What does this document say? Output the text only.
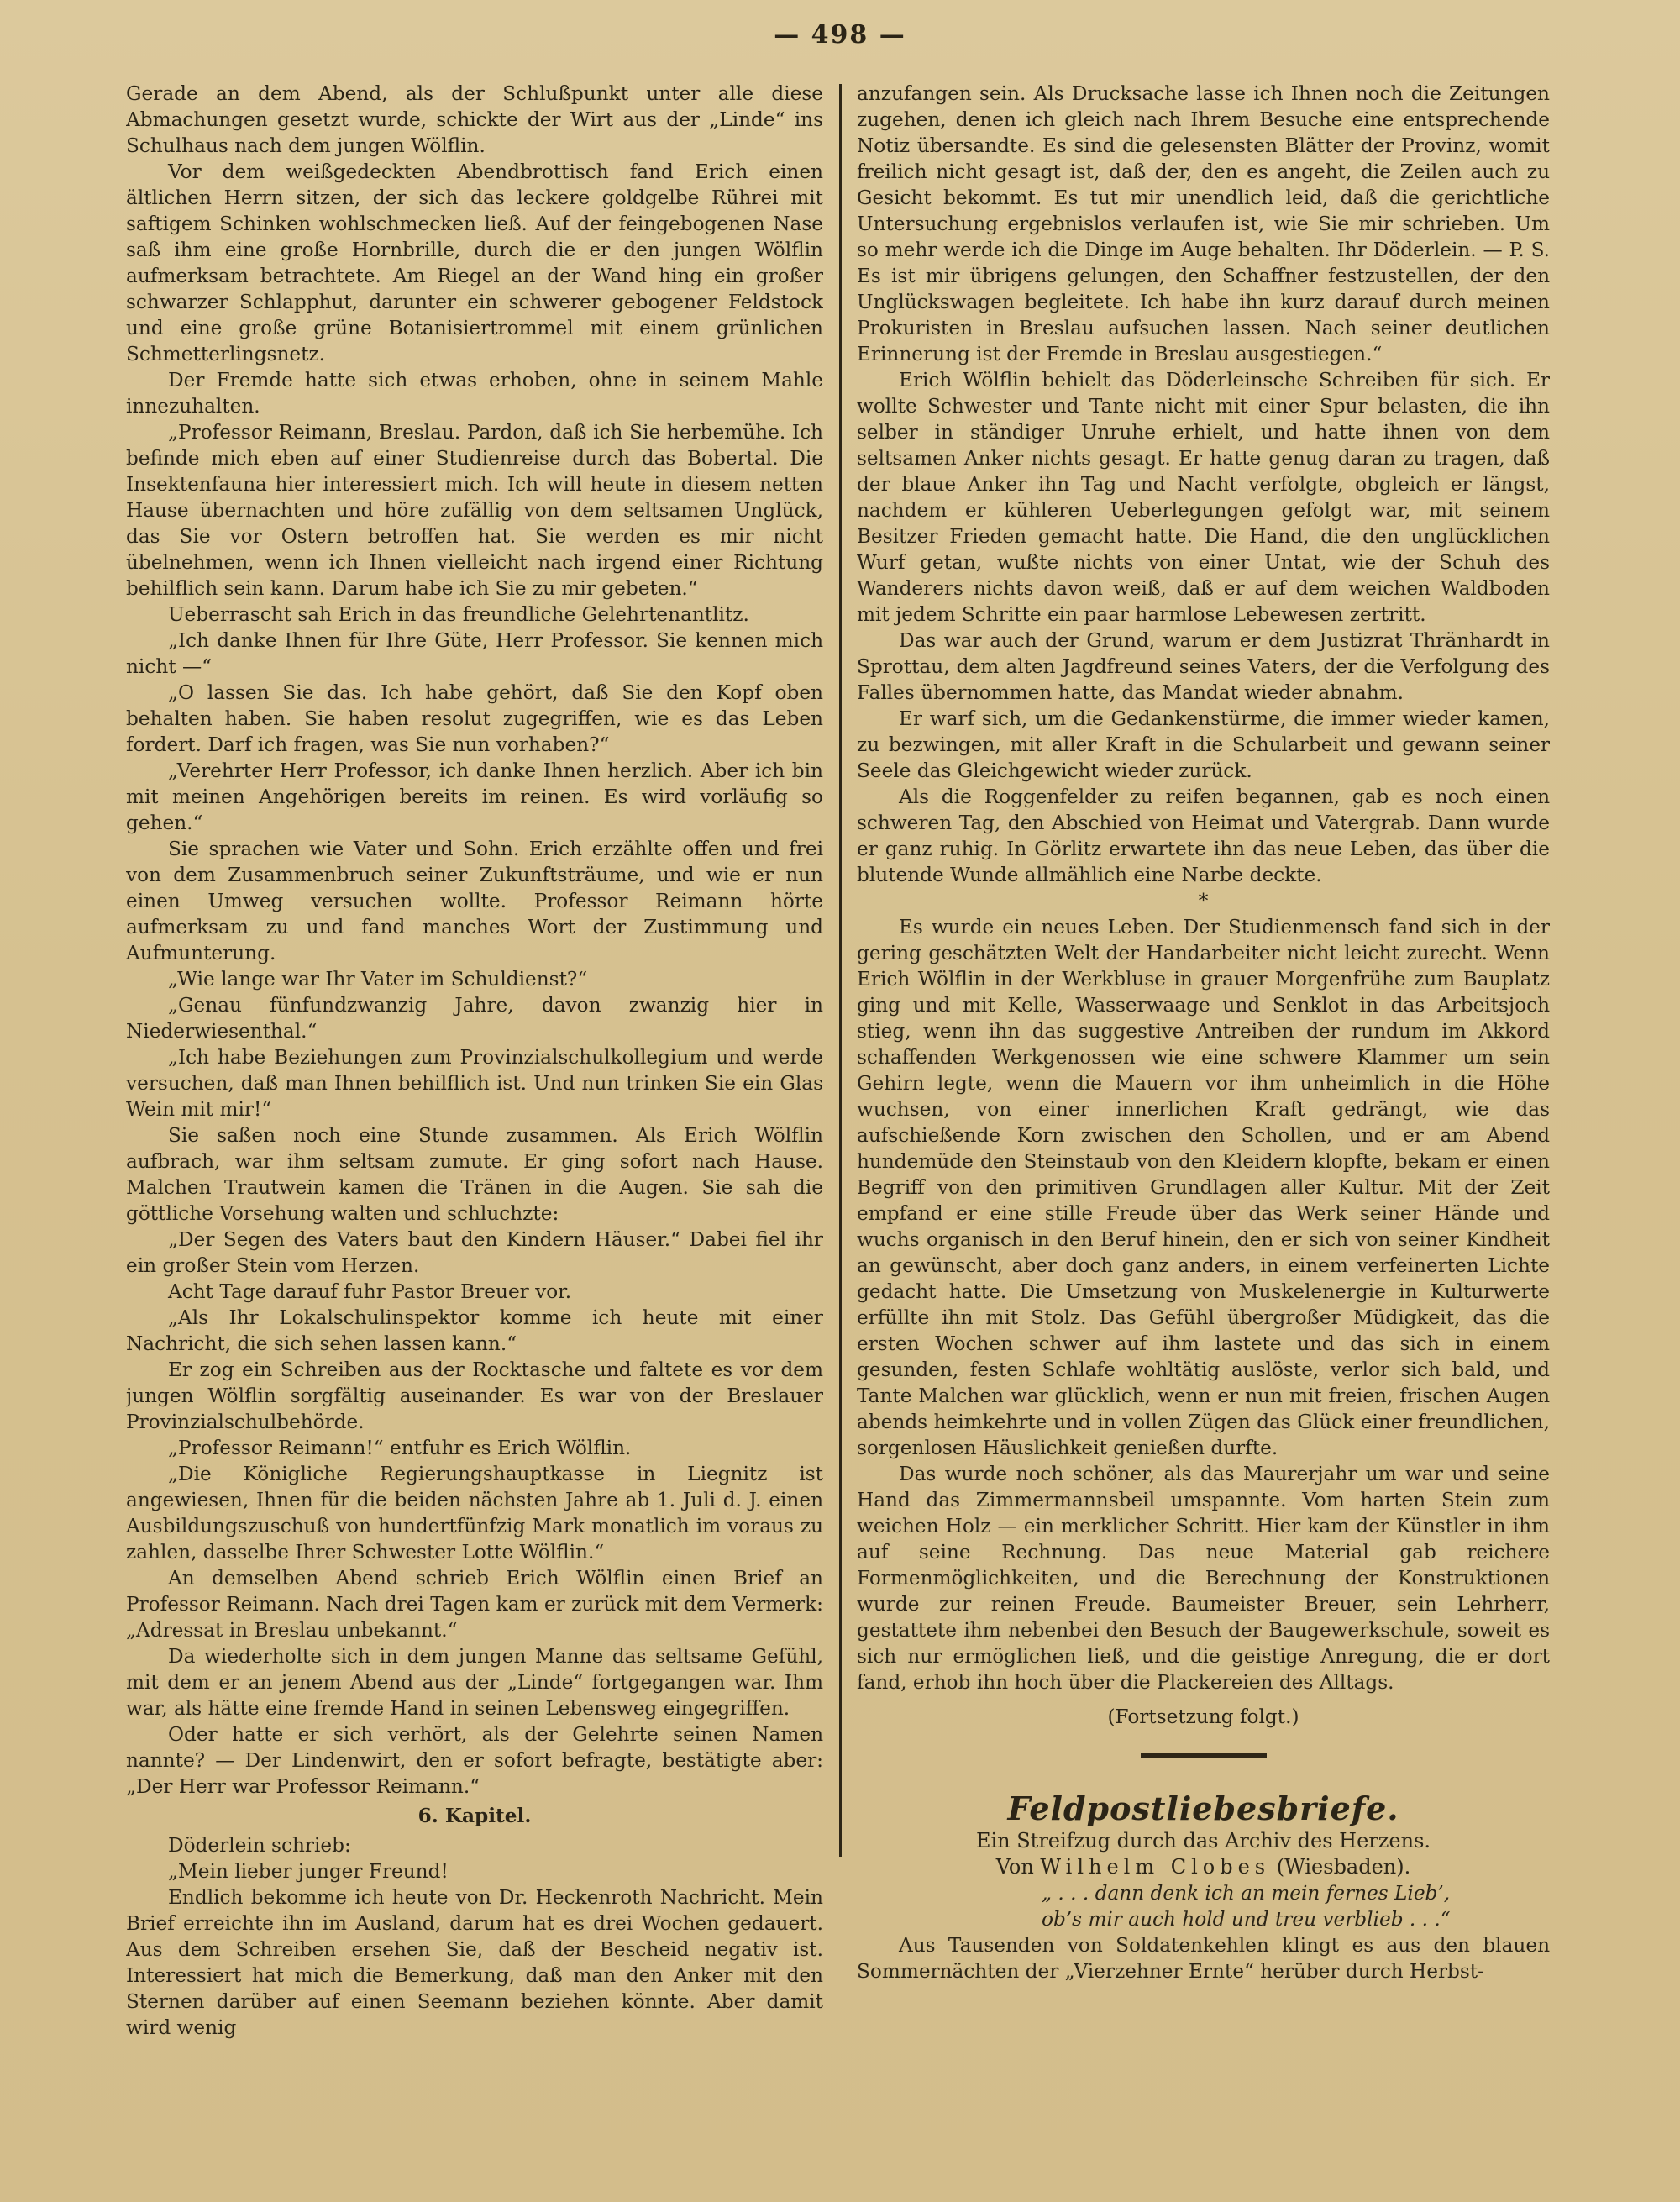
— 498 —

Gerade an dem Abend, als der Schlußpunkt unter alle diese Abmachungen gesetzt wurde, schickte der Wirt aus der „Linde“ ins Schulhaus nach dem jungen Wölflin.

Vor dem weißgedeckten Abendbrottisch fand Erich einen ältlichen Herrn sitzen, der sich das leckere goldgelbe Rührei mit saftigem Schinken wohlschmecken ließ. Auf der feingebogenen Nase saß ihm eine große Hornbrille, durch die er den jungen Wölflin aufmerksam betrachtete. Am Riegel an der Wand hing ein großer schwarzer Schlapphut, darunter ein schwerer gebogener Feldstock und eine große grüne Botanisiertrommel mit einem grünlichen Schmetterlingsnetz.

Der Fremde hatte sich etwas erhoben, ohne in seinem Mahle innezuhalten.

„Professor Reimann, Breslau. Pardon, daß ich Sie herbemühe. Ich befinde mich eben auf einer Studienreise durch das Bobertal. Die Insektenfauna hier interessiert mich. Ich will heute in diesem netten Hause übernachten und höre zufällig von dem seltsamen Unglück, das Sie vor Ostern betroffen hat. Sie werden es mir nicht übelnehmen, wenn ich Ihnen vielleicht nach irgend einer Richtung behilflich sein kann. Darum habe ich Sie zu mir gebeten.“

Ueberrascht sah Erich in das freundliche Gelehrtenantlitz.

„Ich danke Ihnen für Ihre Güte, Herr Professor. Sie kennen mich nicht —“

„O lassen Sie das. Ich habe gehört, daß Sie den Kopf oben behalten haben. Sie haben resolut zugegriffen, wie es das Leben fordert. Darf ich fragen, was Sie nun vorhaben?“

„Verehrter Herr Professor, ich danke Ihnen herzlich. Aber ich bin mit meinen Angehörigen bereits im reinen. Es wird vorläufig so gehen.“

Sie sprachen wie Vater und Sohn. Erich erzählte offen und frei von dem Zusammenbruch seiner Zukunftsträume, und wie er nun einen Umweg versuchen wollte. Professor Reimann hörte aufmerksam zu und fand manches Wort der Zustimmung und Aufmunterung.

„Wie lange war Ihr Vater im Schuldienst?“

„Genau fünfundzwanzig Jahre, davon zwanzig hier in Niederwiesenthal.“

„Ich habe Beziehungen zum Provinzialschulkollegium und werde versuchen, daß man Ihnen behilflich ist. Und nun trinken Sie ein Glas Wein mit mir!“

Sie saßen noch eine Stunde zusammen. Als Erich Wölflin aufbrach, war ihm seltsam zumute. Er ging sofort nach Hause. Malchen Trautwein kamen die Tränen in die Augen. Sie sah die göttliche Vorsehung walten und schluchzte:

„Der Segen des Vaters baut den Kindern Häuser.“ Dabei fiel ihr ein großer Stein vom Herzen.

Acht Tage darauf fuhr Pastor Breuer vor.

„Als Ihr Lokalschulinspektor komme ich heute mit einer Nachricht, die sich sehen lassen kann.“

Er zog ein Schreiben aus der Rocktasche und faltete es vor dem jungen Wölflin sorgfältig auseinander. Es war von der Breslauer Provinzialschulbehörde.

„Professor Reimann!“ entfuhr es Erich Wölflin.

„Die Königliche Regierungshauptkasse in Liegnitz ist angewiesen, Ihnen für die beiden nächsten Jahre ab 1. Juli d. J. einen Ausbildungszuschuß von hundertfünfzig Mark monatlich im voraus zu zahlen, dasselbe Ihrer Schwester Lotte Wölflin.“

An demselben Abend schrieb Erich Wölflin einen Brief an Professor Reimann. Nach drei Tagen kam er zurück mit dem Vermerk: „Adressat in Breslau unbekannt.“

Da wiederholte sich in dem jungen Manne das seltsame Gefühl, mit dem er an jenem Abend aus der „Linde“ fortgegangen war. Ihm war, als hätte eine fremde Hand in seinen Lebensweg eingegriffen.

Oder hatte er sich verhört, als der Gelehrte seinen Namen nannte? — Der Lindenwirt, den er sofort befragte, bestätigte aber: „Der Herr war Professor Reimann.“

6. Kapitel.

Döderlein schrieb:

„Mein lieber junger Freund!

Endlich bekomme ich heute von Dr. Heckenroth Nachricht. Mein Brief erreichte ihn im Ausland, darum hat es drei Wochen gedauert. Aus dem Schreiben ersehen Sie, daß der Bescheid negativ ist. Interessiert hat mich die Bemerkung, daß man den Anker mit den Sternen darüber auf einen Seemann beziehen könnte. Aber damit wird wenig

anzufangen sein. Als Drucksache lasse ich Ihnen noch die Zeitungen zugehen, denen ich gleich nach Ihrem Besuche eine entsprechende Notiz übersandte. Es sind die gelesensten Blätter der Provinz, womit freilich nicht gesagt ist, daß der, den es angeht, die Zeilen auch zu Gesicht bekommt. Es tut mir unendlich leid, daß die gerichtliche Untersuchung ergebnislos verlaufen ist, wie Sie mir schrieben. Um so mehr werde ich die Dinge im Auge behalten. Ihr Döderlein. — P. S. Es ist mir übrigens gelungen, den Schaffner festzustellen, der den Unglückswagen begleitete. Ich habe ihn kurz darauf durch meinen Prokuristen in Breslau aufsuchen lassen. Nach seiner deutlichen Erinnerung ist der Fremde in Breslau ausgestiegen.“

Erich Wölflin behielt das Döderleinsche Schreiben für sich. Er wollte Schwester und Tante nicht mit einer Spur belasten, die ihn selber in ständiger Unruhe erhielt, und hatte ihnen von dem seltsamen Anker nichts gesagt. Er hatte genug daran zu tragen, daß der blaue Anker ihn Tag und Nacht verfolgte, obgleich er längst, nachdem er kühleren Ueberlegungen gefolgt war, mit seinem Besitzer Frieden gemacht hatte. Die Hand, die den unglücklichen Wurf getan, wußte nichts von einer Untat, wie der Schuh des Wanderers nichts davon weiß, daß er auf dem weichen Waldboden mit jedem Schritte ein paar harmlose Lebewesen zertritt.

Das war auch der Grund, warum er dem Justizrat Thränhardt in Sprottau, dem alten Jagdfreund seines Vaters, der die Verfolgung des Falles übernommen hatte, das Mandat wieder abnahm.

Er warf sich, um die Gedankenstürme, die immer wieder kamen, zu bezwingen, mit aller Kraft in die Schularbeit und gewann seiner Seele das Gleichgewicht wieder zurück.

Als die Roggenfelder zu reifen begannen, gab es noch einen schweren Tag, den Abschied von Heimat und Vatergrab. Dann wurde er ganz ruhig. In Görlitz erwartete ihn das neue Leben, das über die blutende Wunde allmählich eine Narbe deckte.

*

Es wurde ein neues Leben. Der Studienmensch fand sich in der gering geschätzten Welt der Handarbeiter nicht leicht zurecht. Wenn Erich Wölflin in der Werkbluse in grauer Morgenfrühe zum Bauplatz ging und mit Kelle, Wasserwaage und Senklot in das Arbeitsjoch stieg, wenn ihn das suggestive Antreiben der rundum im Akkord schaffenden Werkgenossen wie eine schwere Klammer um sein Gehirn legte, wenn die Mauern vor ihm unheimlich in die Höhe wuchsen, von einer innerlichen Kraft gedrängt, wie das aufschießende Korn zwischen den Schollen, und er am Abend hundemüde den Steinstaub von den Kleidern klopfte, bekam er einen Begriff von den primitiven Grundlagen aller Kultur. Mit der Zeit empfand er eine stille Freude über das Werk seiner Hände und wuchs organisch in den Beruf hinein, den er sich von seiner Kindheit an gewünscht, aber doch ganz anders, in einem verfeinerten Lichte gedacht hatte. Die Umsetzung von Muskelenergie in Kulturwerte erfüllte ihn mit Stolz. Das Gefühl übergroßer Müdigkeit, das die ersten Wochen schwer auf ihm lastete und das sich in einem gesunden, festen Schlafe wohltätig auslöste, verlor sich bald, und Tante Malchen war glücklich, wenn er nun mit freien, frischen Augen abends heimkehrte und in vollen Zügen das Glück einer freundlichen, sorgenlosen Häuslichkeit genießen durfte.

Das wurde noch schöner, als das Maurerjahr um war und seine Hand das Zimmermannsbeil umspannte. Vom harten Stein zum weichen Holz — ein merklicher Schritt. Hier kam der Künstler in ihm auf seine Rechnung. Das neue Material gab reichere Formenmöglichkeiten, und die Berechnung der Konstruktionen wurde zur reinen Freude. Baumeister Breuer, sein Lehrherr, gestattete ihm nebenbei den Besuch der Baugewerkschule, soweit es sich nur ermöglichen ließ, und die geistige Anregung, die er dort fand, erhob ihn hoch über die Plackereien des Alltags.

(Fortsetzung folgt.)

Feldpostliebesbriefe.

Ein Streifzug durch das Archiv des Herzens.

Von Wilhelm Clobes (Wiesbaden).

„ . . . dann denk ich an mein fernes Lieb’,

ob’s mir auch hold und treu verblieb . . .“

Aus Tausenden von Soldatenkehlen klingt es aus den blauen Sommernächten der „Vierzehner Ernte“ herüber durch Herbst-
